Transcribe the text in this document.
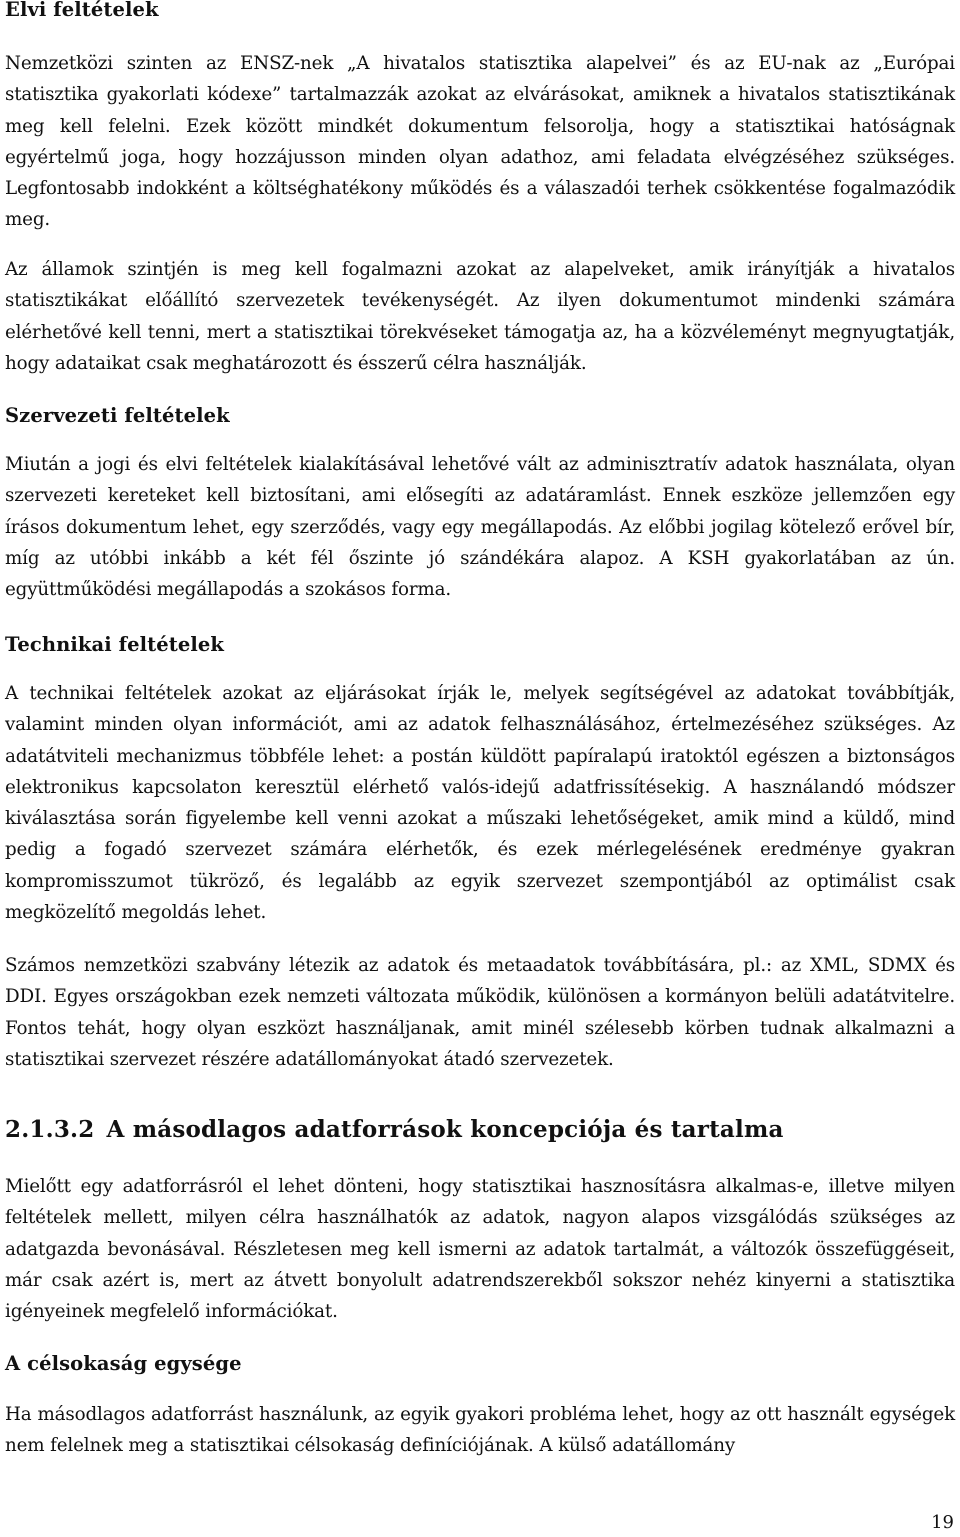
Elvi feltételek

Nemzetközi szinten az ENSZ-nek „A hivatalos statisztika alapelvei” és az EU-nak az „Európai statisztika gyakorlati kódexe” tartalmazzák azokat az elvárásokat, amiknek a hivatalos statisztikának meg kell felelni. Ezek között mindkét dokumentum felsorolja, hogy a statisztikai hatóságnak egyértelmű joga, hogy hozzájusson minden olyan adathoz, ami feladata elvégzéséhez szükséges. Legfontosabb indokként a költséghatékony működés és a válaszadói terhek csökkentése fogalmazódik meg.

Az államok szintjén is meg kell fogalmazni azokat az alapelveket, amik irányítják a hivatalos statisztikákat előállító szervezetek tevékenységét. Az ilyen dokumentumot mindenki számára elérhetővé kell tenni, mert a statisztikai törekvéseket támogatja az, ha a közvéleményt megnyugtatják, hogy adataikat csak meghatározott és ésszerű célra használják.

Szervezeti feltételek

Miután a jogi és elvi feltételek kialakításával lehetővé vált az adminisztratív adatok használata, olyan szervezeti kereteket kell biztosítani, ami elősegíti az adatáramlást. Ennek eszköze jellemzően egy írásos dokumentum lehet, egy szerződés, vagy egy megállapodás. Az előbbi jogilag kötelező erővel bír, míg az utóbbi inkább a két fél őszinte jó szándékára alapoz. A KSH gyakorlatában az ún. együttműködési megállapodás a szokásos forma.

Technikai feltételek

A technikai feltételek azokat az eljárásokat írják le, melyek segítségével az adatokat továbbítják, valamint minden olyan információt, ami az adatok felhasználásához, értelmezéséhez szükséges. Az adatátviteli mechanizmus többféle lehet: a postán küldött papíralapú iratoktól egészen a biztonságos elektronikus kapcsolaton keresztül elérhető valós-idejű adatfrissítésekig. A használandó módszer kiválasztása során figyelembe kell venni azokat a műszaki lehetőségeket, amik mind a küldő, mind pedig a fogadó szervezet számára elérhetők, és ezek mérlegelésének eredménye gyakran kompromisszumot tükröző, és legalább az egyik szervezet szempontjából az optimálist csak megközelítő megoldás lehet.

Számos nemzetközi szabvány létezik az adatok és metaadatok továbbítására, pl.: az XML, SDMX és DDI. Egyes országokban ezek nemzeti változata működik, különösen a kormányon belüli adatátvitelre. Fontos tehát, hogy olyan eszközt használjanak, amit minél szélesebb körben tudnak alkalmazni a statisztikai szervezet részére adatállományokat átadó szervezetek.

2.1.3.2 A másodlagos adatforrások koncepciója és tartalma

Mielőtt egy adatforrásról el lehet dönteni, hogy statisztikai hasznosításra alkalmas-e, illetve milyen feltételek mellett, milyen célra használhatók az adatok, nagyon alapos vizsgálódás szükséges az adatgazda bevonásával. Részletesen meg kell ismerni az adatok tartalmát, a változók összefüggéseit, már csak azért is, mert az átvett bonyolult adatrendszerekből sokszor nehéz kinyerni a statisztika igényeinek megfelelő információkat.

A célsokaság egysége

Ha másodlagos adatforrást használunk, az egyik gyakori probléma lehet, hogy az ott használt egységek nem felelnek meg a statisztikai célsokaság definíciójának. A külső adatállomány

19
